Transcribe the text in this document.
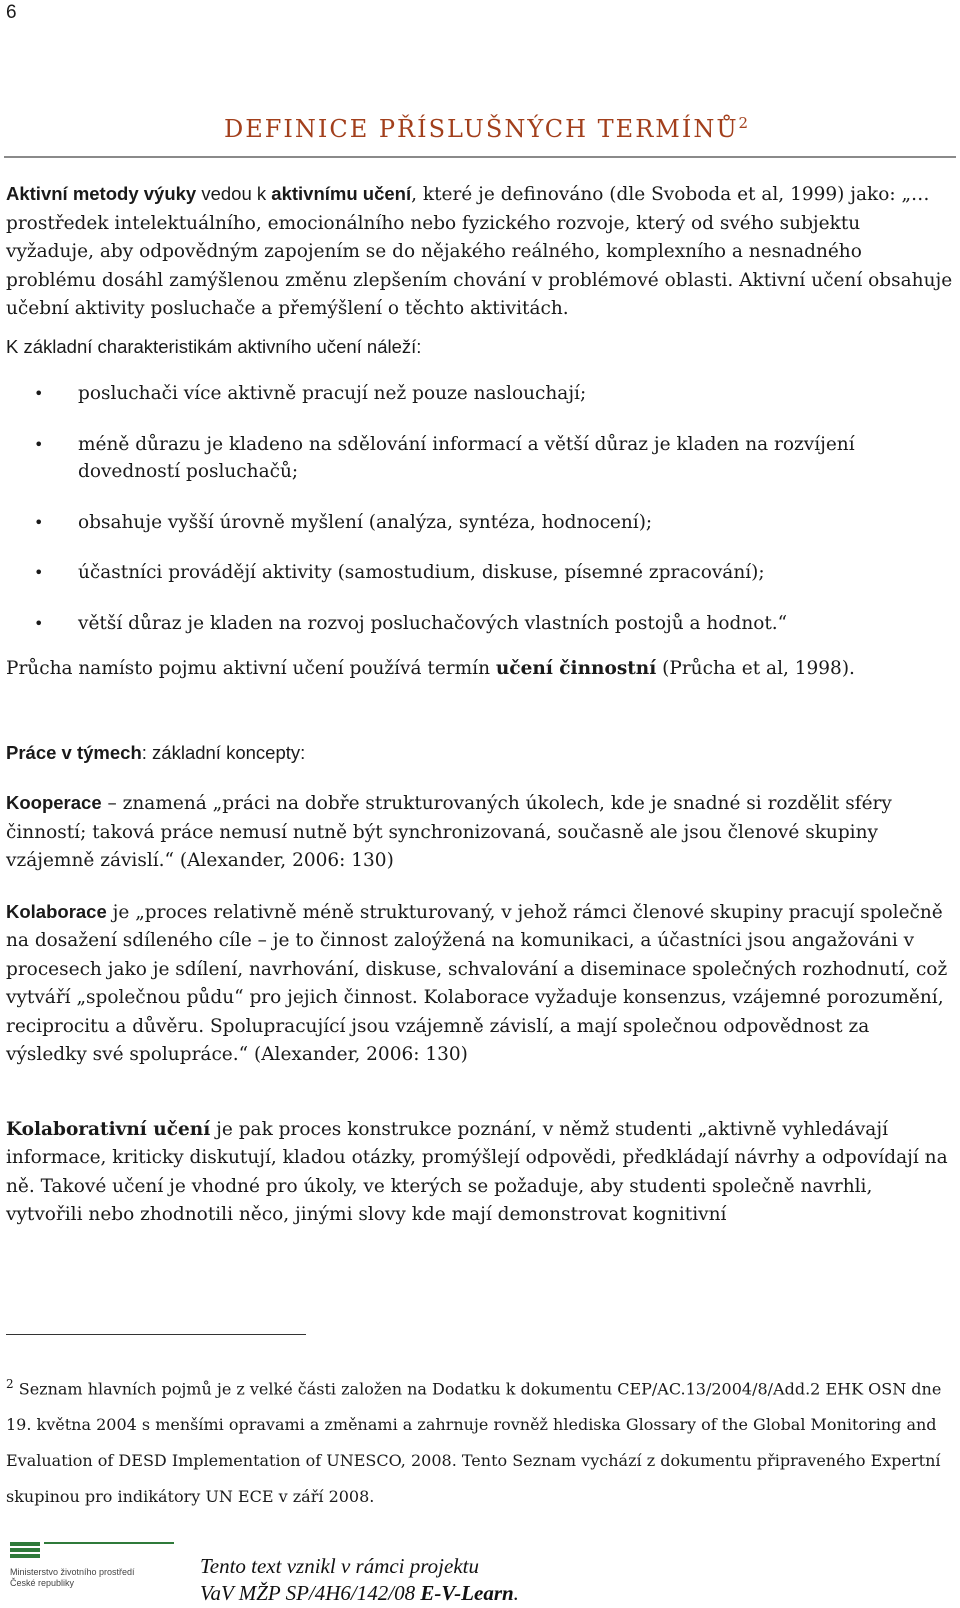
6
DEFINICE PŘÍSLUŠNÝCH TERMÍNŮ$^2$

Aktivní metody výuky vedou k aktivnímu učení, které je definováno (dle Svoboda et al, 1999) jako: „…prostředek intelektuálního, emocionálního nebo fyzického rozvoje, který od svého subjektu vyžaduje, aby odpovědným zapojením se do nějakého reálného, komplexního a nesnadného problému dosáhl zamýšlenou změnu zlepšením chování v problémové oblasti. Aktivní učení obsahuje učební aktivity posluchače a přemýšlení o těchto aktivitách.

K základní charakteristikám aktivního učení náleží:

• posluchači více aktivně pracují než pouze naslouchají;
• méně důrazu je kladeno na sdělování informací a větší důraz je kladen na rozvíjení dovedností posluchačů;
• obsahuje vyšší úrovně myšlení (analýza, syntéza, hodnocení);
• účastníci provádějí aktivity (samostudium, diskuse, písemné zpracování);
• větší důraz je kladen na rozvoj posluchačových vlastních postojů a hodnot.“

Průcha namísto pojmu aktivní učení používá termín učení činnostní (Průcha et al, 1998).

Práce v týmech: základní koncepty:

Kooperace – znamená „práci na dobře strukturovaných úkolech, kde je snadné si rozdělit sféry činností; taková práce nemusí nutně být synchronizovaná, současně ale jsou členové skupiny vzájemně závislí.“ (Alexander, 2006: 130)

Kolaborace je „proces relativně méně strukturovaný, v jehož rámci členové skupiny pracují společně na dosažení sdíleného cíle – je to činnost zaloýžená na komunikaci, a účastníci jsou angažováni v procesech jako je sdílení, navrhování, diskuse, schvalování a diseminace společných rozhodnutí, což vytváří „společnou půdu“ pro jejich činnost. Kolaborace vyžaduje konsenzus, vzájemné porozumění, reciprocitu a důvěru. Spolupracující jsou vzájemně závislí, a mají společnou odpovědnost za výsledky své spolupráce.“ (Alexander, 2006: 130)

Kolaborativní učení je pak proces konstrukce poznání, v němž studenti „aktivně vyhledávají informace, kriticky diskutují, kladou otázky, promýšlejí odpovědi, předkládají návrhy a odpovídají na ně. Takové učení je vhodné pro úkoly, ve kterých se požaduje, aby studenti společně navrhli, vytvořili nebo zhodnotili něco, jinými slovy kde mají demonstrovat kognitivní

$^2$ Seznam hlavních pojmů je z velké části založen na Dodatku k dokumentu CEP/AC.13/2004/8/Add.2 EHK OSN dne 19. května 2004 s menšími opravami a změnami a zahrnuje rovněž hlediska Glossary of the Global Monitoring and Evaluation of DESD Implementation of UNESCO, 2008. Tento Seznam vychází z dokumentu připraveného Expertní skupinou pro indikátory UN ECE v září 2008.
Ministerstvo životního prostředí
České republiky
Tento text vznikl v rámci projektu
VaV MŽP SP/4H6/142/08 E-V-Learn.
